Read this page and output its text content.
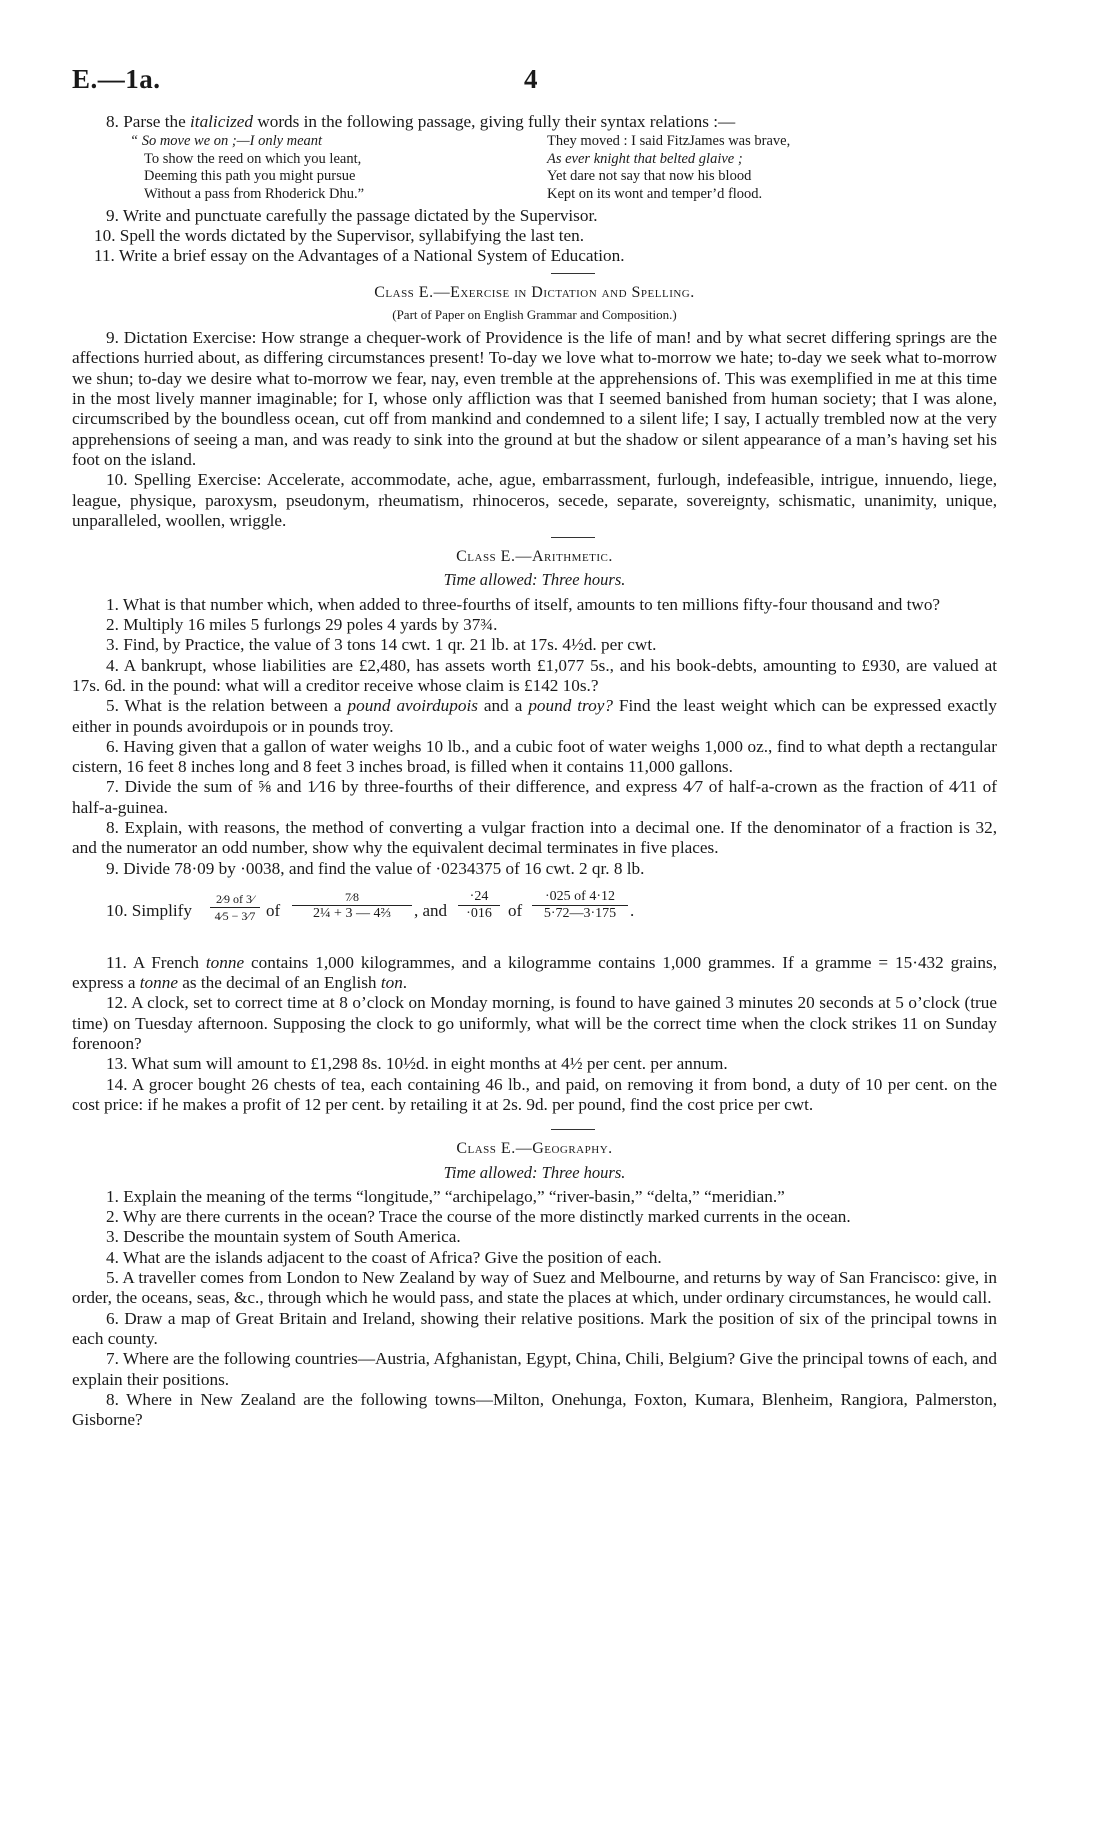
E.—1a.	4
8. Parse the italicized words in the following passage, giving fully their syntax relations :—
“ So move we on ;—I only meant
To show the reed on which you leant,
Deeming this path you might pursue
Without a pass from Rhoderick Dhu.”
They moved : I said FitzJames was brave,
As ever knight that belted glaive ;
Yet dare not say that now his blood
Kept on its wont and temper’d flood.
9. Write and punctuate carefully the passage dictated by the Supervisor.
10. Spell the words dictated by the Supervisor, syllabifying the last ten.
11. Write a brief essay on the Advantages of a National System of Education.
Class E.—Exercise in Dictation and Spelling.
(Part of Paper on English Grammar and Composition.)
9. Dictation Exercise: How strange a chequer-work of Providence is the life of man! and by what secret differing springs are the affections hurried about, as differing circumstances present! To-day we love what to-morrow we hate; to-day we seek what to-morrow we shun; to-day we desire what to-morrow we fear, nay, even tremble at the apprehensions of. This was exemplified in me at this time in the most lively manner imaginable; for I, whose only affliction was that I seemed banished from human society; that I was alone, circumscribed by the boundless ocean, cut off from mankind and condemned to a silent life; I say, I actually trembled now at the very apprehensions of seeing a man, and was ready to sink into the ground at but the shadow or silent appearance of a man’s having set his foot on the island.
10. Spelling Exercise: Accelerate, accommodate, ache, ague, embarrassment, furlough, indefeasible, intrigue, innuendo, liege, league, physique, paroxysm, pseudonym, rheumatism, rhinoceros, secede, separate, sovereignty, schismatic, unanimity, unique, unparalleled, woollen, wriggle.
Class E.—Arithmetic.
Time allowed: Three hours.
1. What is that number which, when added to three-fourths of itself, amounts to ten millions fifty-four thousand and two?
2. Multiply 16 miles 5 furlongs 29 poles 4 yards by 37¾.
3. Find, by Practice, the value of 3 tons 14 cwt. 1 qr. 21 lb. at 17s. 4½d. per cwt.
4. A bankrupt, whose liabilities are £2,480, has assets worth £1,077 5s., and his book-debts, amounting to £930, are valued at 17s. 6d. in the pound: what will a creditor receive whose claim is £142 10s.?
5. What is the relation between a pound avoirdupois and a pound troy? Find the least weight which can be expressed exactly either in pounds avoirdupois or in pounds troy.
6. Having given that a gallon of water weighs 10 lb., and a cubic foot of water weighs 1,000 oz., find to what depth a rectangular cistern, 16 feet 8 inches long and 8 feet 3 inches broad, is filled when it contains 11,000 gallons.
7. Divide the sum of ⅝ and 1⁄16 by three-fourths of their difference, and express 4⁄7 of half-a-crown as the fraction of 4⁄11 of half-a-guinea.
8. Explain, with reasons, the method of converting a vulgar fraction into a decimal one. If the denominator of a fraction is 32, and the numerator an odd number, show why the equivalent decimal terminates in five places.
9. Divide 78·09 by ·0038, and find the value of ·0234375 of 16 cwt. 2 qr. 8 lb.
10. Simplify $\frac{2⁄9 of 3⁄}{4⁄5 - 3⁄7}$ of $\frac{7⁄8}{\text{2¼ + 3 — 4⅔}}$ , and $\frac{\cdot 24}{\cdot 016}$ of $\frac{\cdot 025 of 4\cdot 12}{5\cdot 72—3\cdot 175}$ .
11. A French tonne contains 1,000 kilogrammes, and a kilogramme contains 1,000 grammes. If a gramme = 15·432 grains, express a tonne as the decimal of an English ton.
12. A clock, set to correct time at 8 o’clock on Monday morning, is found to have gained 3 minutes 20 seconds at 5 o’clock (true time) on Tuesday afternoon. Supposing the clock to go uniformly, what will be the correct time when the clock strikes 11 on Sunday forenoon?
13. What sum will amount to £1,298 8s. 10½d. in eight months at 4½ per cent. per annum.
14. A grocer bought 26 chests of tea, each containing 46 lb., and paid, on removing it from bond, a duty of 10 per cent. on the cost price: if he makes a profit of 12 per cent. by retailing it at 2s. 9d. per pound, find the cost price per cwt.
Class E.—Geography.
Time allowed: Three hours.
1. Explain the meaning of the terms “longitude,” “archipelago,” “river-basin,” “delta,” “meridian.”
2. Why are there currents in the ocean? Trace the course of the more distinctly marked currents in the ocean.
3. Describe the mountain system of South America.
4. What are the islands adjacent to the coast of Africa? Give the position of each.
5. A traveller comes from London to New Zealand by way of Suez and Melbourne, and returns by way of San Francisco: give, in order, the oceans, seas, &c., through which he would pass, and state the places at which, under ordinary circumstances, he would call.
6. Draw a map of Great Britain and Ireland, showing their relative positions. Mark the position of six of the principal towns in each county.
7. Where are the following countries—Austria, Afghanistan, Egypt, China, Chili, Belgium? Give the principal towns of each, and explain their positions.
8. Where in New Zealand are the following towns—Milton, Onehunga, Foxton, Kumara, Blenheim, Rangiora, Palmerston, Gisborne?
